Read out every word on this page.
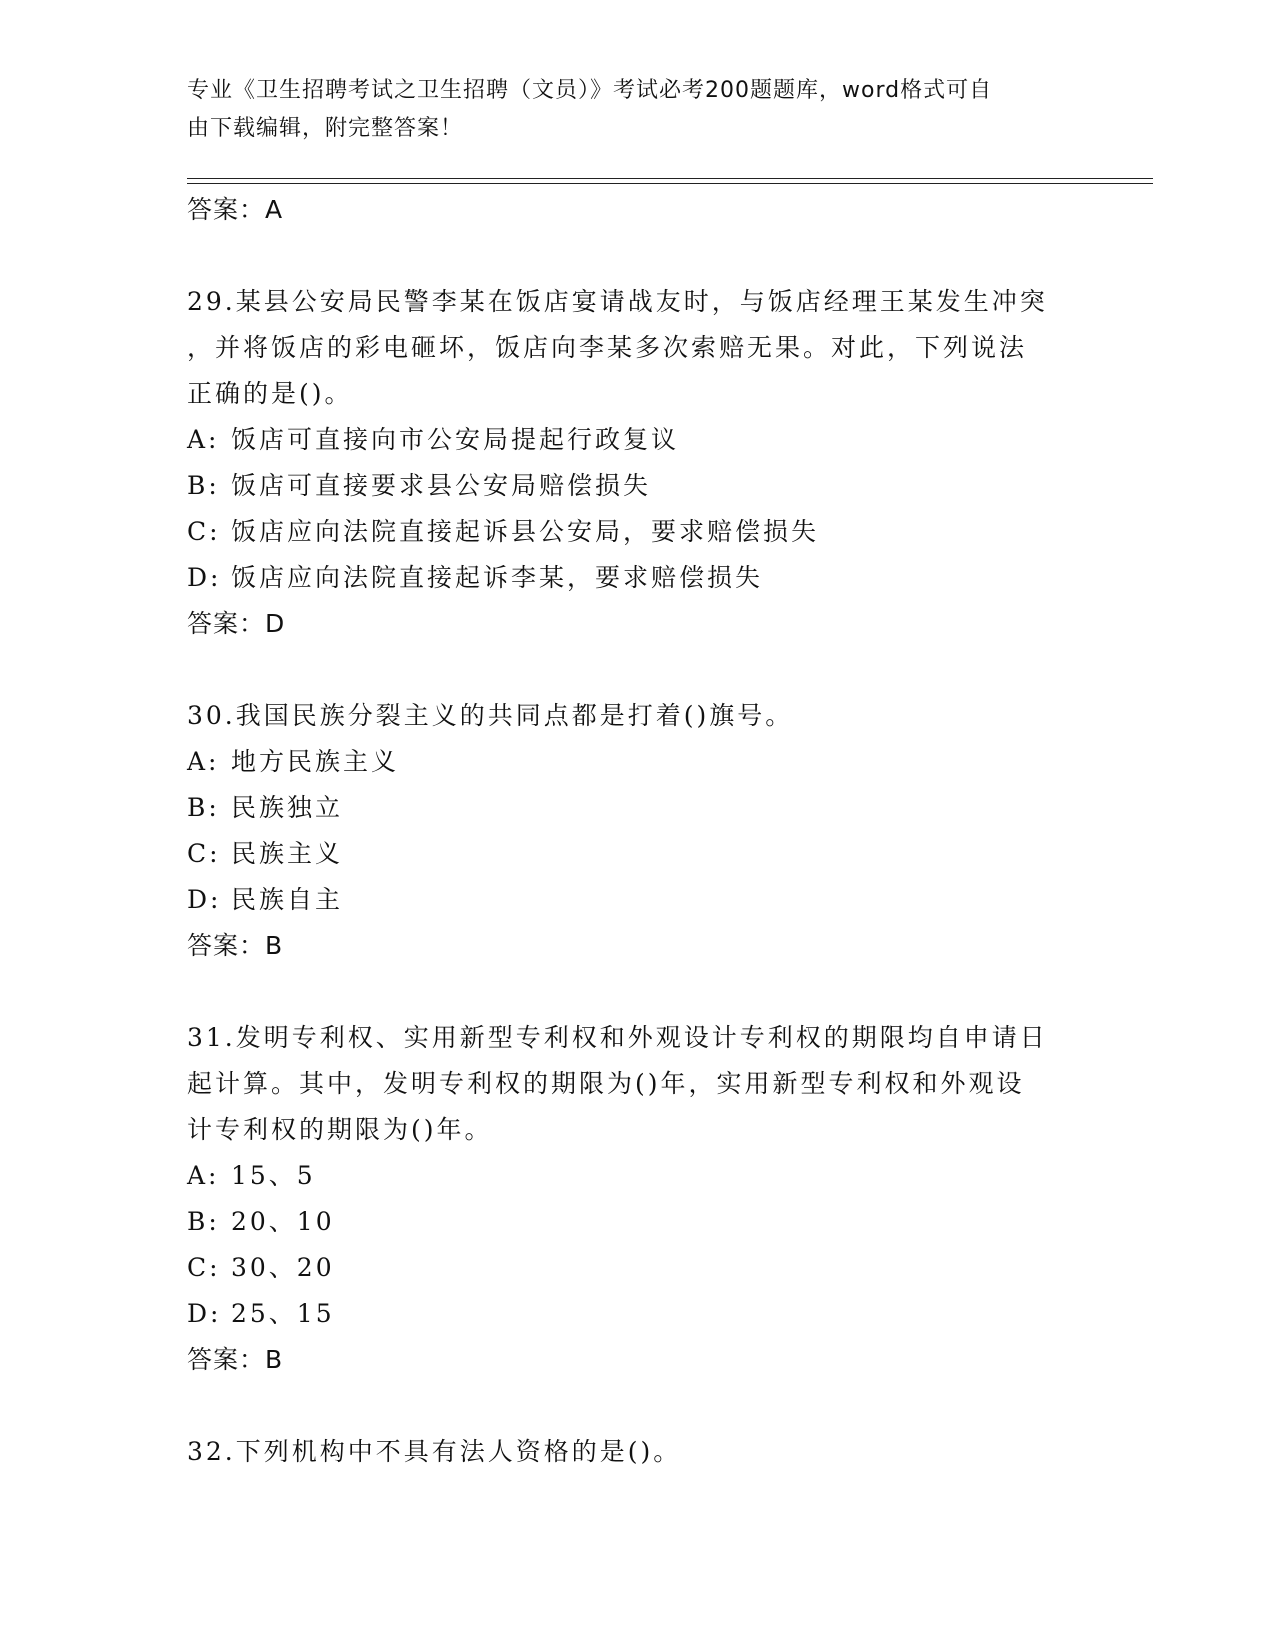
专业《卫生招聘考试之卫生招聘（文员）》考试必考200题题库，word格式可自
由下载编辑，附完整答案！
答案：A
29.某县公安局民警李某在饭店宴请战友时，与饭店经理王某发生冲突
，并将饭店的彩电砸坏，饭店向李某多次索赔无果。对此，下列说法
正确的是()。
A: 饭店可直接向市公安局提起行政复议
B: 饭店可直接要求县公安局赔偿损失
C: 饭店应向法院直接起诉县公安局，要求赔偿损失
D: 饭店应向法院直接起诉李某，要求赔偿损失
答案：D
30.我国民族分裂主义的共同点都是打着()旗号。
A: 地方民族主义
B: 民族独立
C: 民族主义
D: 民族自主
答案：B
31.发明专利权、实用新型专利权和外观设计专利权的期限均自申请日
起计算。其中，发明专利权的期限为()年，实用新型专利权和外观设
计专利权的期限为()年。
A: 15、5
B: 20、10
C: 30、20
D: 25、15
答案：B
32.下列机构中不具有法人资格的是()。
